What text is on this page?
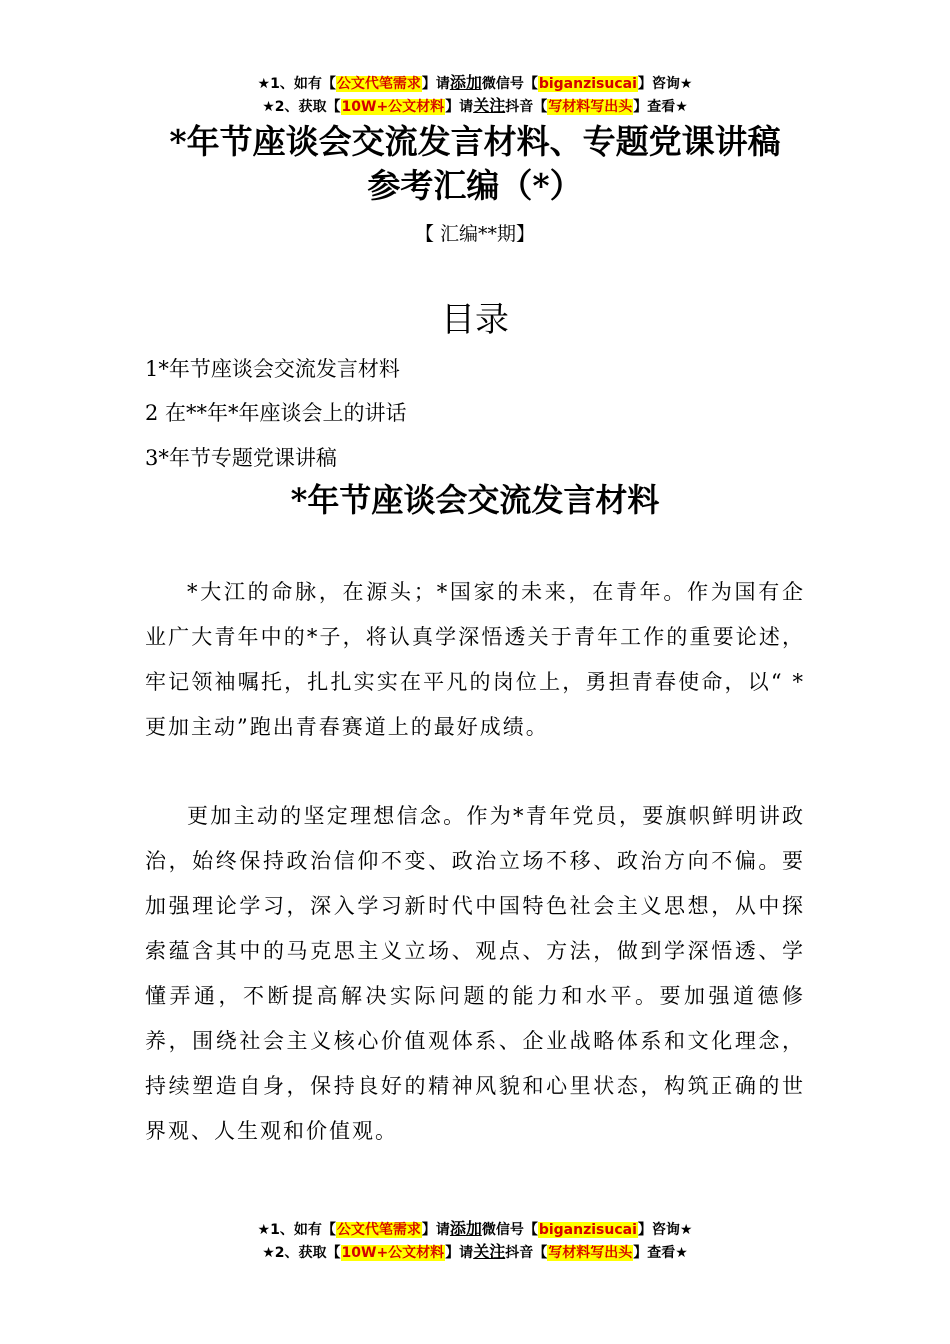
★1、如有【公文代笔需求】请添加微信号【biganzisucai】咨询★
★2、获取【10W+公文材料】请关注抖音【写材料写出头】查看★
*年节座谈会交流发言材料、专题党课讲稿
参考汇编（*）
【 汇编**期】
目录
1*年节座谈会交流发言材料
2 在**年*年座谈会上的讲话
3*年节专题党课讲稿
*年节座谈会交流发言材料

*大江的命脉，在源头；*国家的未来，在青年。作为国有企业广大青年中的*子，将认真学深悟透关于青年工作的重要论述，牢记领袖嘱托，扎扎实实在平凡的岗位上，勇担青春使命，以“ *更加主动”跑出青春赛道上的最好成绩。

更加主动的坚定理想信念。作为*青年党员，要旗帜鲜明讲政治，始终保持政治信仰不变、政治立场不移、政治方向不偏。要加强理论学习，深入学习新时代中国特色社会主义思想，从中探索蕴含其中的马克思主义立场、观点、方法，做到学深悟透、学懂弄通，不断提高解决实际问题的能力和水平。要加强道德修养，围绕社会主义核心价值观体系、企业战略体系和文化理念，持续塑造自身，保持良好的精神风貌和心里状态，构筑正确的世界观、人生观和价值观。

★1、如有【公文代笔需求】请添加微信号【biganzisucai】咨询★
★2、获取【10W+公文材料】请关注抖音【写材料写出头】查看★
